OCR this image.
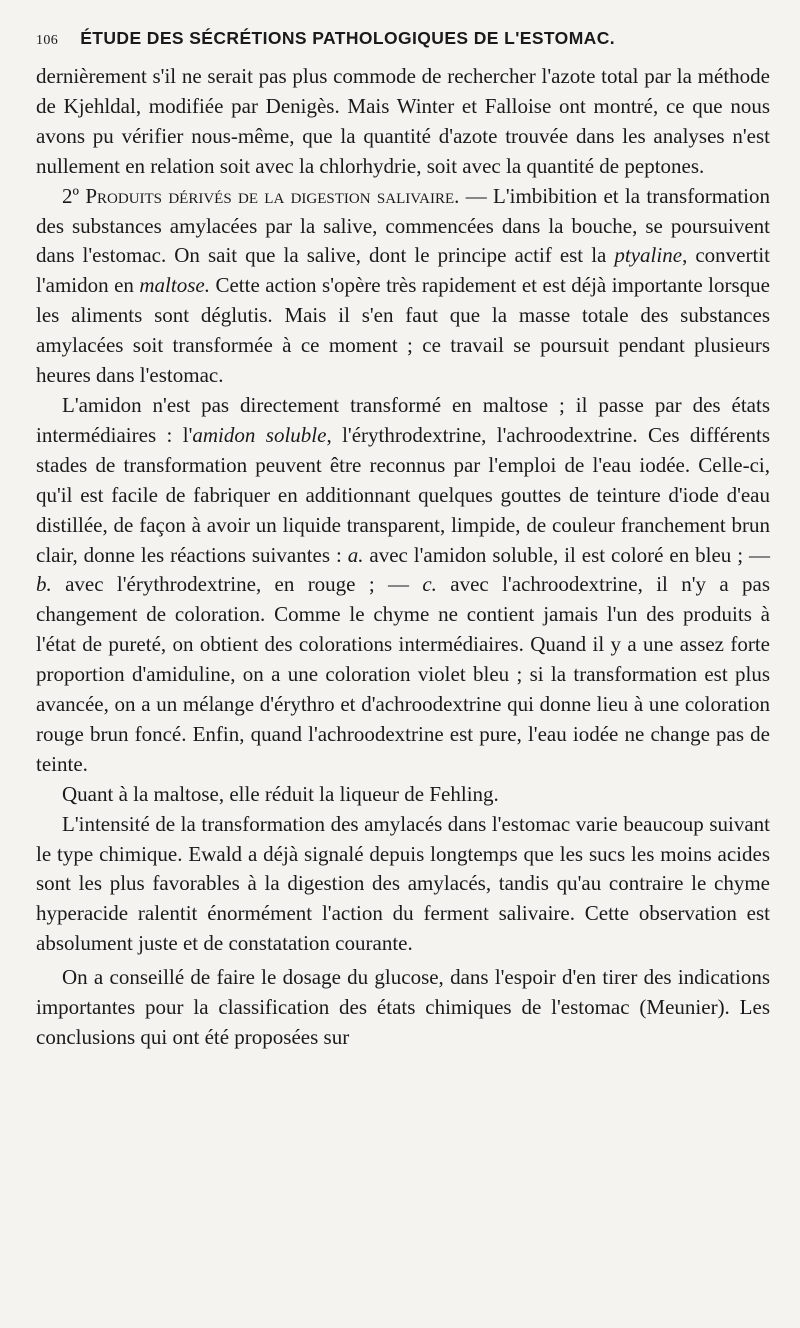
106 ÉTUDE DES SÉCRÉTIONS PATHOLOGIQUES DE L'ESTOMAC.

dernièrement s'il ne serait pas plus commode de rechercher l'azote total par la méthode de Kjehldal, modifiée par Denigès. Mais Winter et Falloise ont montré, ce que nous avons pu vérifier nous-même, que la quantité d'azote trouvée dans les analyses n'est nullement en relation soit avec la chlorhydrie, soit avec la quantité de peptones.

2º Produits dérivés de la digestion salivaire. — L'imbibition et la transformation des substances amylacées par la salive, commencées dans la bouche, se poursuivent dans l'estomac. On sait que la salive, dont le principe actif est la ptyaline, convertit l'amidon en maltose. Cette action s'opère très rapidement et est déjà importante lorsque les aliments sont déglutis. Mais il s'en faut que la masse totale des substances amylacées soit transformée à ce moment ; ce travail se poursuit pendant plusieurs heures dans l'estomac.

L'amidon n'est pas directement transformé en maltose ; il passe par des états intermédiaires : l'amidon soluble, l'érythrodextrine, l'achroodextrine. Ces différents stades de transformation peuvent être reconnus par l'emploi de l'eau iodée. Celle-ci, qu'il est facile de fabriquer en additionnant quelques gouttes de teinture d'iode d'eau distillée, de façon à avoir un liquide transparent, limpide, de couleur franchement brun clair, donne les réactions suivantes : a. avec l'amidon soluble, il est coloré en bleu ; — b. avec l'érythrodextrine, en rouge ; — c. avec l'achroodextrine, il n'y a pas changement de coloration. Comme le chyme ne contient jamais l'un des produits à l'état de pureté, on obtient des colorations intermédiaires. Quand il y a une assez forte proportion d'amiduline, on a une coloration violet bleu ; si la transformation est plus avancée, on a un mélange d'érythro et d'achroodextrine qui donne lieu à une coloration rouge brun foncé. Enfin, quand l'achroodextrine est pure, l'eau iodée ne change pas de teinte.

Quant à la maltose, elle réduit la liqueur de Fehling.

L'intensité de la transformation des amylacés dans l'estomac varie beaucoup suivant le type chimique. Ewald a déjà signalé depuis longtemps que les sucs les moins acides sont les plus favorables à la digestion des amylacés, tandis qu'au contraire le chyme hyperacide ralentit énormément l'action du ferment salivaire. Cette observation est absolument juste et de constatation courante.

On a conseillé de faire le dosage du glucose, dans l'espoir d'en tirer des indications importantes pour la classification des états chimiques de l'estomac (Meunier). Les conclusions qui ont été proposées sur
